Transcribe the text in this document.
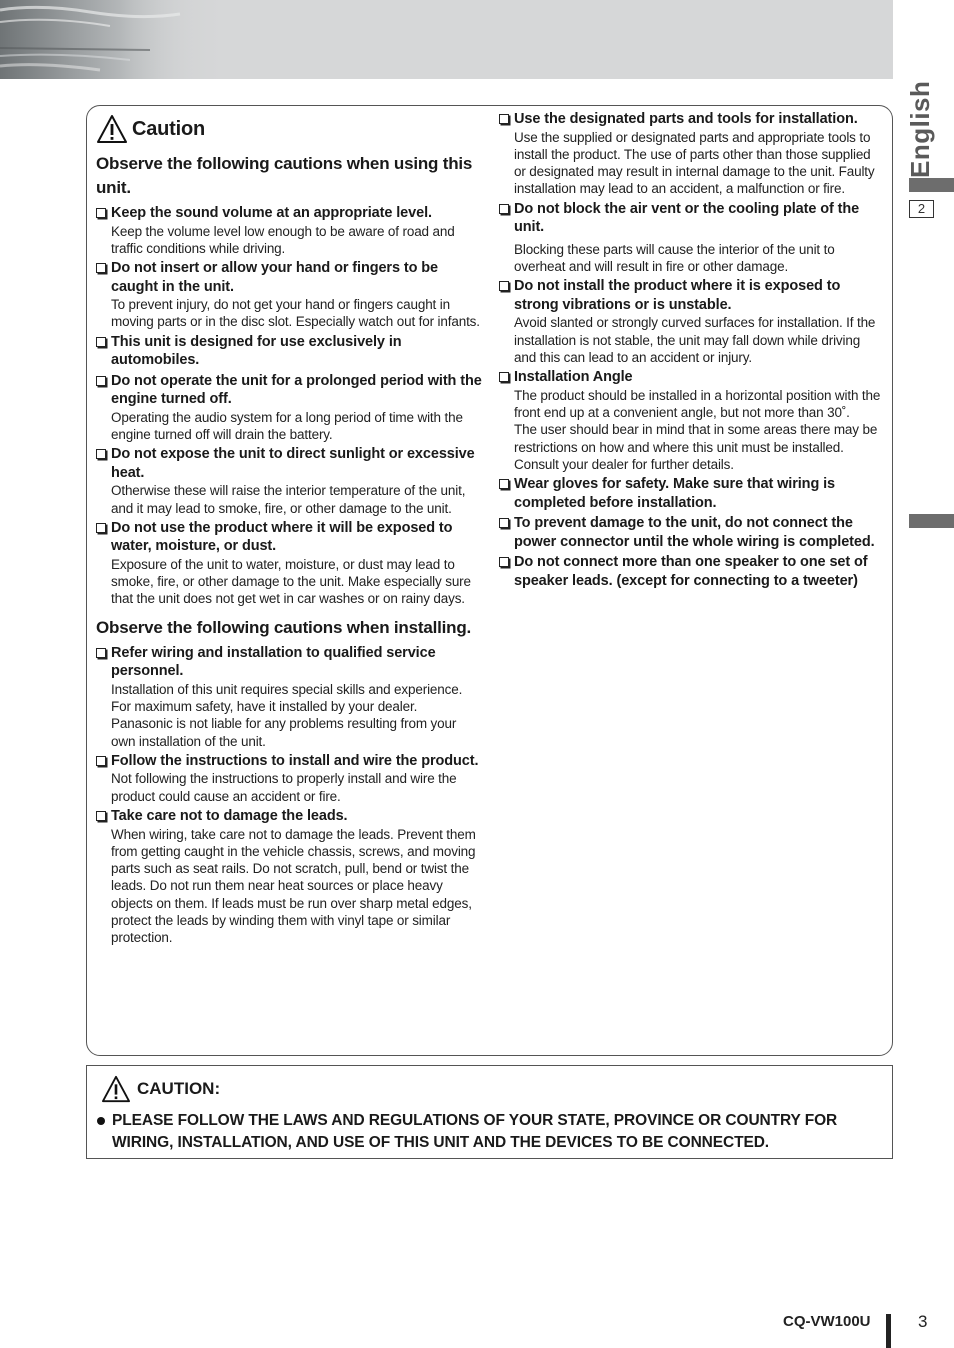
English
2
Caution
Observe the following cautions when using this unit.
Keep the sound volume at an appropriate level.
Keep the volume level low enough to be aware of road and traffic conditions while driving.
Do not insert or allow your hand or fingers to be caught in the unit.
To prevent injury, do not get your hand or fingers caught in moving parts or in the disc slot. Especially watch out for infants.
This unit is designed for use exclusively in automobiles.
Do not operate the unit for a prolonged period with the engine turned off.
Operating the audio system for a long period of time with the engine turned off will drain the battery.
Do not expose the unit to direct sunlight or excessive heat.
Otherwise these will raise the interior temperature of the unit, and it may lead to smoke, fire, or other damage to the unit.
Do not use the product where it will be exposed to water, moisture, or dust.
Exposure of the unit to water, moisture, or dust may lead to smoke, fire, or other damage to the unit. Make especially sure that the unit does not get wet in car washes or on rainy days.
Observe the following cautions when installing.
Refer wiring and installation to qualified service personnel.
Installation of this unit requires special skills and experience. For maximum safety, have it installed by your dealer. Panasonic is not liable for any problems resulting from your own installation of the unit.
Follow the instructions to install and wire the product.
Not following the instructions to properly install and wire the product could cause an accident or fire.
Take care not to damage the leads.
When wiring, take care not to damage the leads. Prevent them from getting caught in the vehicle chassis, screws, and moving parts such as seat rails. Do not scratch, pull, bend or twist the leads. Do not run them near heat sources or place heavy objects on them. If leads must be run over sharp metal edges, protect the leads by winding them with vinyl tape or similar protection.
Use the designated parts and tools for installation.
Use the supplied or designated parts and appropriate tools to install the product. The use of parts other than those supplied or designated may result in internal damage to the unit. Faulty installation may lead to an accident, a malfunction or fire.
Do not block the air vent or the cooling plate of the unit.
Blocking these parts will cause the interior of the unit to overheat and will result in fire or other damage.
Do not install the product where it is exposed to strong vibrations or is unstable.
Avoid slanted or strongly curved surfaces for installation. If the installation is not stable, the unit may fall down while driving and this can lead to an accident or injury.
Installation Angle
The product should be installed in a horizontal position with the front end up at a convenient angle, but not more than 30˚.
The user should bear in mind that in some areas there may be restrictions on how and where this unit must be installed. Consult your dealer for further details.
Wear gloves for safety. Make sure that wiring is completed before installation.
To prevent damage to the unit, do not connect the power connector until the whole wiring is completed.
Do not connect more than one speaker to one set of speaker leads. (except for connecting to a tweeter)
CAUTION:
PLEASE FOLLOW THE LAWS AND REGULATIONS OF YOUR STATE, PROVINCE OR COUNTRY FOR WIRING, INSTALLATION, AND USE OF THIS UNIT AND THE DEVICES TO BE CONNECTED.
CQ-VW100U	3
